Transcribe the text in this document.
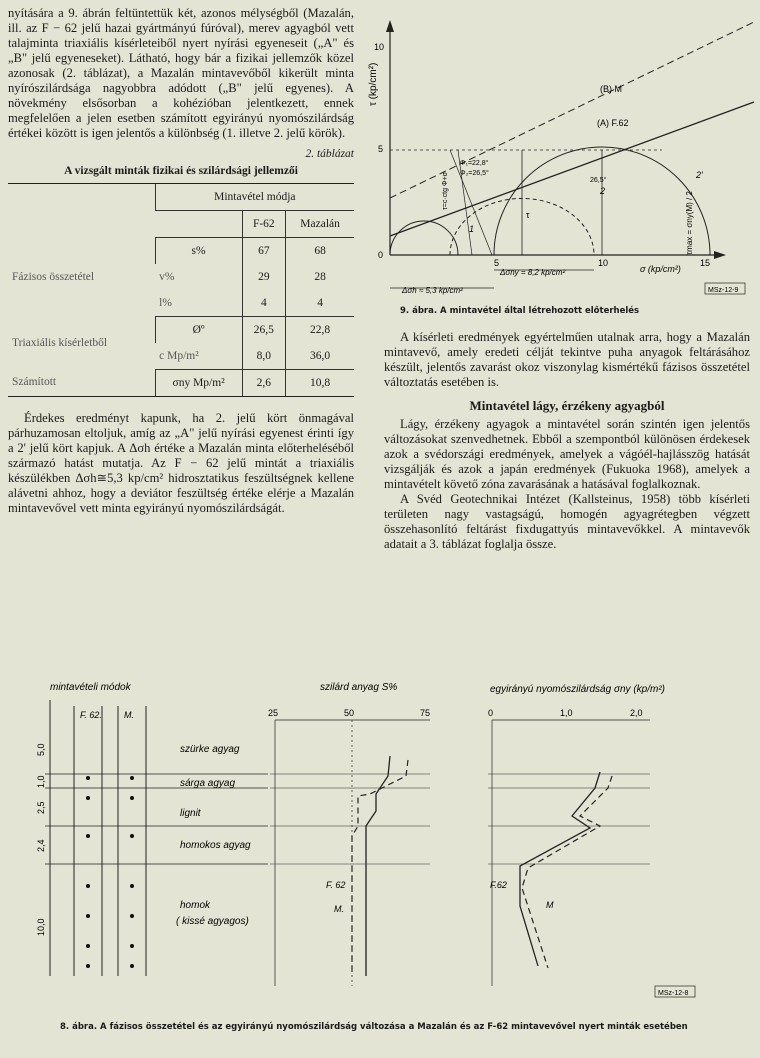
nyítására a 9. ábrán feltüntettük két, azonos mélységből (Mazalán, ill. az F − 62 jelű hazai gyártmányú fúróval), merev agyagból vett talajminta triaxiális kísérleteiből nyert nyírási egyeneseit („A" és „B" jelű egyeneseket). Látható, hogy bár a fizikai jellemzők közel azonosak (2. táblázat), a Mazalán mintavevőből kikerült minta nyírószilárdsága nagyobbra adódott („B" jelű egyenes). A növekmény elsősorban a kohézióban jelentkezett, ennek megfelelően a jelen esetben számított egyirányú nyomószilárdság értékei között is igen jelentős a különbség (1. illetve 2. jelű körök).

2. táblázat
A vizsgált minták fizikai és szilárdsági jellemzői
	Mintavétel módja		
		F-62	Mazalán
Fázisos összetétel	s%	67	68
	v%	29	28
	l%	4	4
Triaxiális kísérletből	Øº	26,5	22,8
	c Mp/m²	8,0	36,0
Számított	σny Mp/m²	2,6	10,8

Érdekes eredményt kapunk, ha 2. jelű kört önmagával párhuzamosan eltoljuk, amíg az „A" jelű nyírási egyenest érinti így a 2' jelű kört kapjuk. A Δσh értéke a Mazalán minta előterheléséből származó hatást mutatja. Az F − 62 jelű mintát a triaxiális készülékben Δσh≅5,3 kp/cm² hidrosztatikus feszültségnek kellene alávetni ahhoz, hogy a deviátor feszültség értéke elérje a Mazalán mintavevővel vett minta egyirányú nyomószilárdságát.

τ (kp/cm²)
σ (kp/cm²)
10
5
0
5	10	15
(B) M
(A) F.62
Φ₁=22,8°
Φ₂=26,5°
26,5°
τ=c·ctg Φ+σ
τ	τmax = σny(M) / 2
1
2
2'
Δσny = 8,2 kp/cm²
Δσh ≈ 5,3 kp/cm²	MSz-12-9
9. ábra. A mintavétel által létrehozott előterhelés

A kísérleti eredmények egyértelműen utalnak arra, hogy a Mazalán mintavevő, amely eredeti célját tekintve puha anyagok feltárásához készült, jelentős zavarást okoz viszonylag kismértékű fázisos összetétel változtatás esetében is.

Mintavétel lágy, érzékeny agyagból

Lágy, érzékeny agyagok a mintavétel során szintén igen jelentős változásokat szenvedhetnek. Ebből a szempontból különösen érdekesek azok a svédországi eredmények, amelyek a vágóél-hajlásszög hatását vizsgálják és azok a japán eredmények (Fukuoka 1968), amelyek a mintavételt követő zóna zavarásának a hatásával foglalkoznak.

A Svéd Geotechnikai Intézet (Kallsteinus, 1958) több kísérleti területen nagy vastagságú, homogén agyagrétegben végzett összehasonlító feltárást fixdugattyús mintavevőkkel. A mintavevők adatait a 3. táblázat foglalja össze.

mintavételi módok
F. 62. M.
5,0
1,0
2,5
2,4
10,0
szürke agyag
sárga agyag
lignit
homokos agyag
homok
( kissé agyagos)
szilárd anyag S%
25	50	75
F. 62
M.
egyirányú nyomószilárdság σny (kp/m²)
0	1,0	2,0
F.62
M
MSz-12-8
8. ábra. A fázisos összetétel és az egyirányú nyomószilárdság változása a Mazalán és az F-62 mintavevővel nyert minták esetében
